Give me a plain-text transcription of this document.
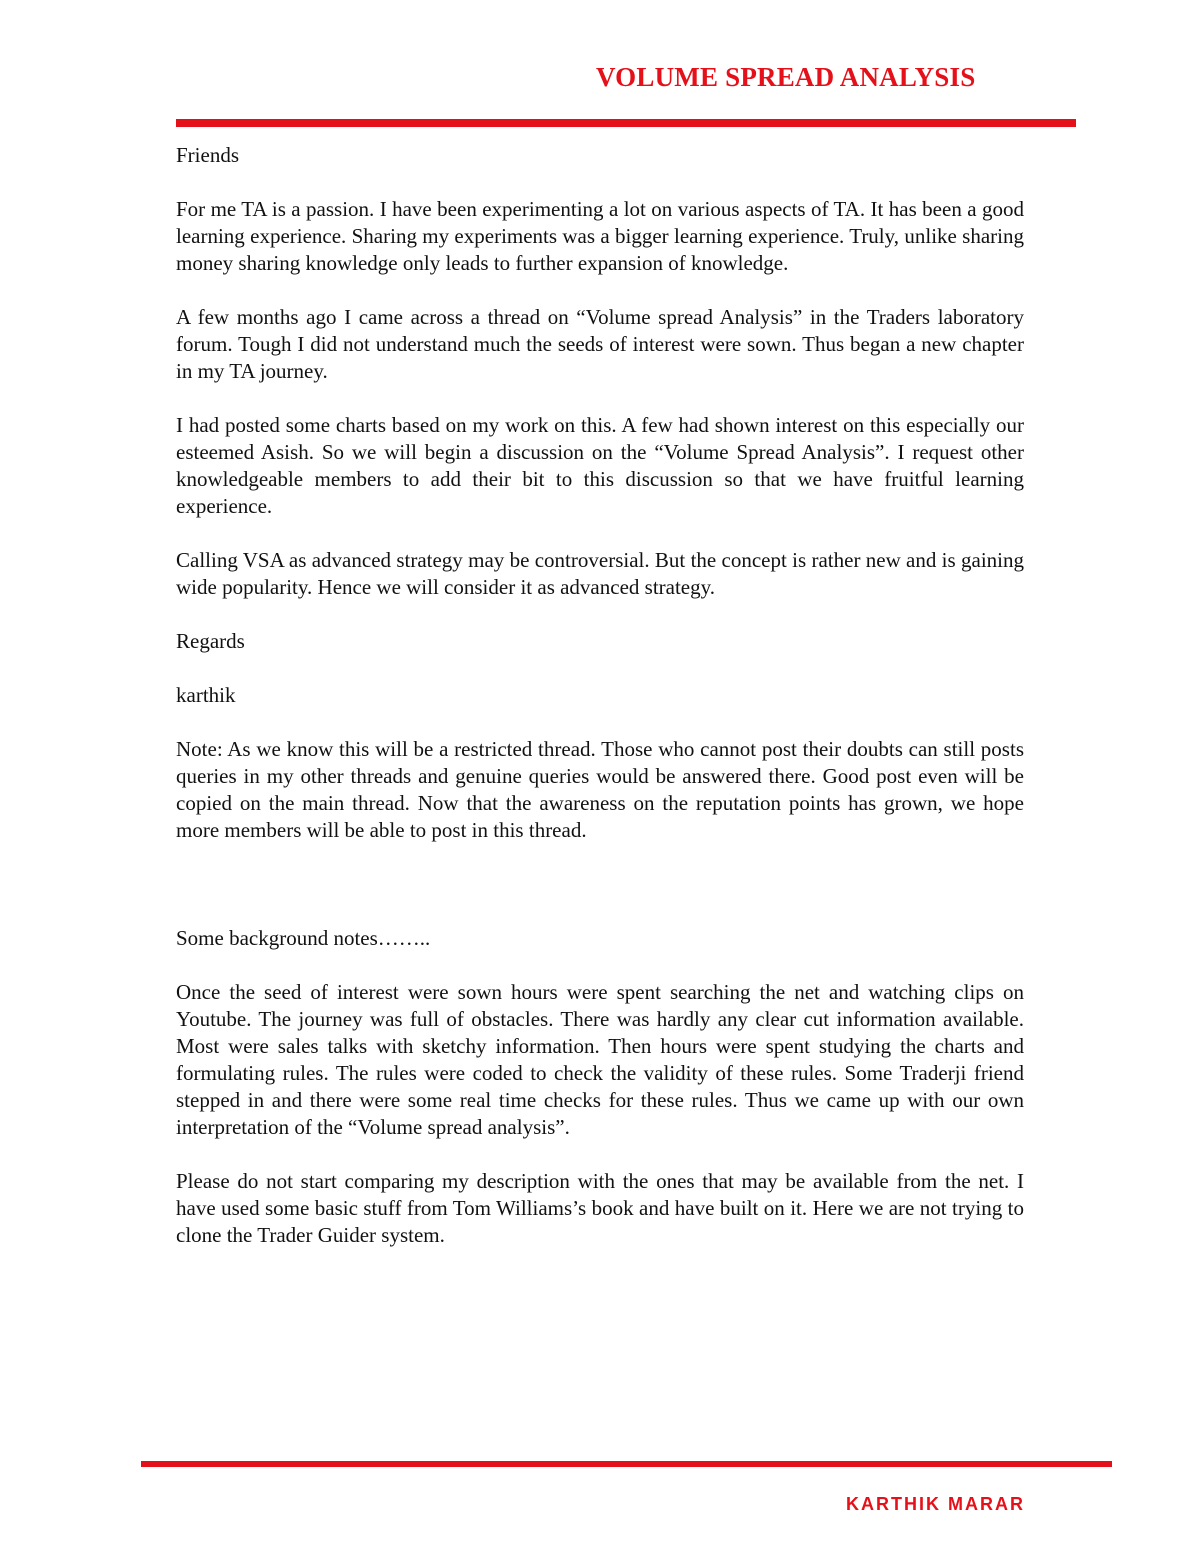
VOLUME SPREAD ANALYSIS

Friends

For me TA is a passion. I have been experimenting a lot on various aspects of TA. It has been a good learning experience. Sharing my experiments was a bigger learning experience. Truly, unlike sharing money sharing knowledge only leads to further expansion of knowledge.

A few months ago I came across a thread on “Volume spread Analysis” in the Traders laboratory forum. Tough I did not understand much the seeds of interest were sown. Thus began a new chapter in my TA journey.

I had posted some charts based on my work on this. A few had shown interest on this especially our esteemed Asish. So we will begin a discussion on the “Volume Spread Analysis”. I request other knowledgeable members to add their bit to this discussion so that we have fruitful learning experience.

Calling VSA as advanced strategy may be controversial. But the concept is rather new and is gaining wide popularity. Hence we will consider it as advanced strategy.

Regards

karthik

Note: As we know this will be a restricted thread. Those who cannot post their doubts can still posts queries in my other threads and genuine queries would be answered there. Good post even will be copied on the main thread. Now that the awareness on the reputation points has grown, we hope more members will be able to post in this thread.

Some background notes……..

Once the seed of interest were sown hours were spent searching the net and watching clips on Youtube. The journey was full of obstacles. There was hardly any clear cut information available. Most were sales talks with sketchy information. Then hours were spent studying the charts and formulating rules. The rules were coded to check the validity of these rules. Some Traderji friend stepped in and there were some real time checks for these rules. Thus we came up with our own interpretation of the “Volume spread analysis”.

Please do not start comparing my description with the ones that may be available from the net. I have used some basic stuff from Tom Williams’s book and have built on it. Here we are not trying to clone the Trader Guider system.

KARTHIK MARAR
